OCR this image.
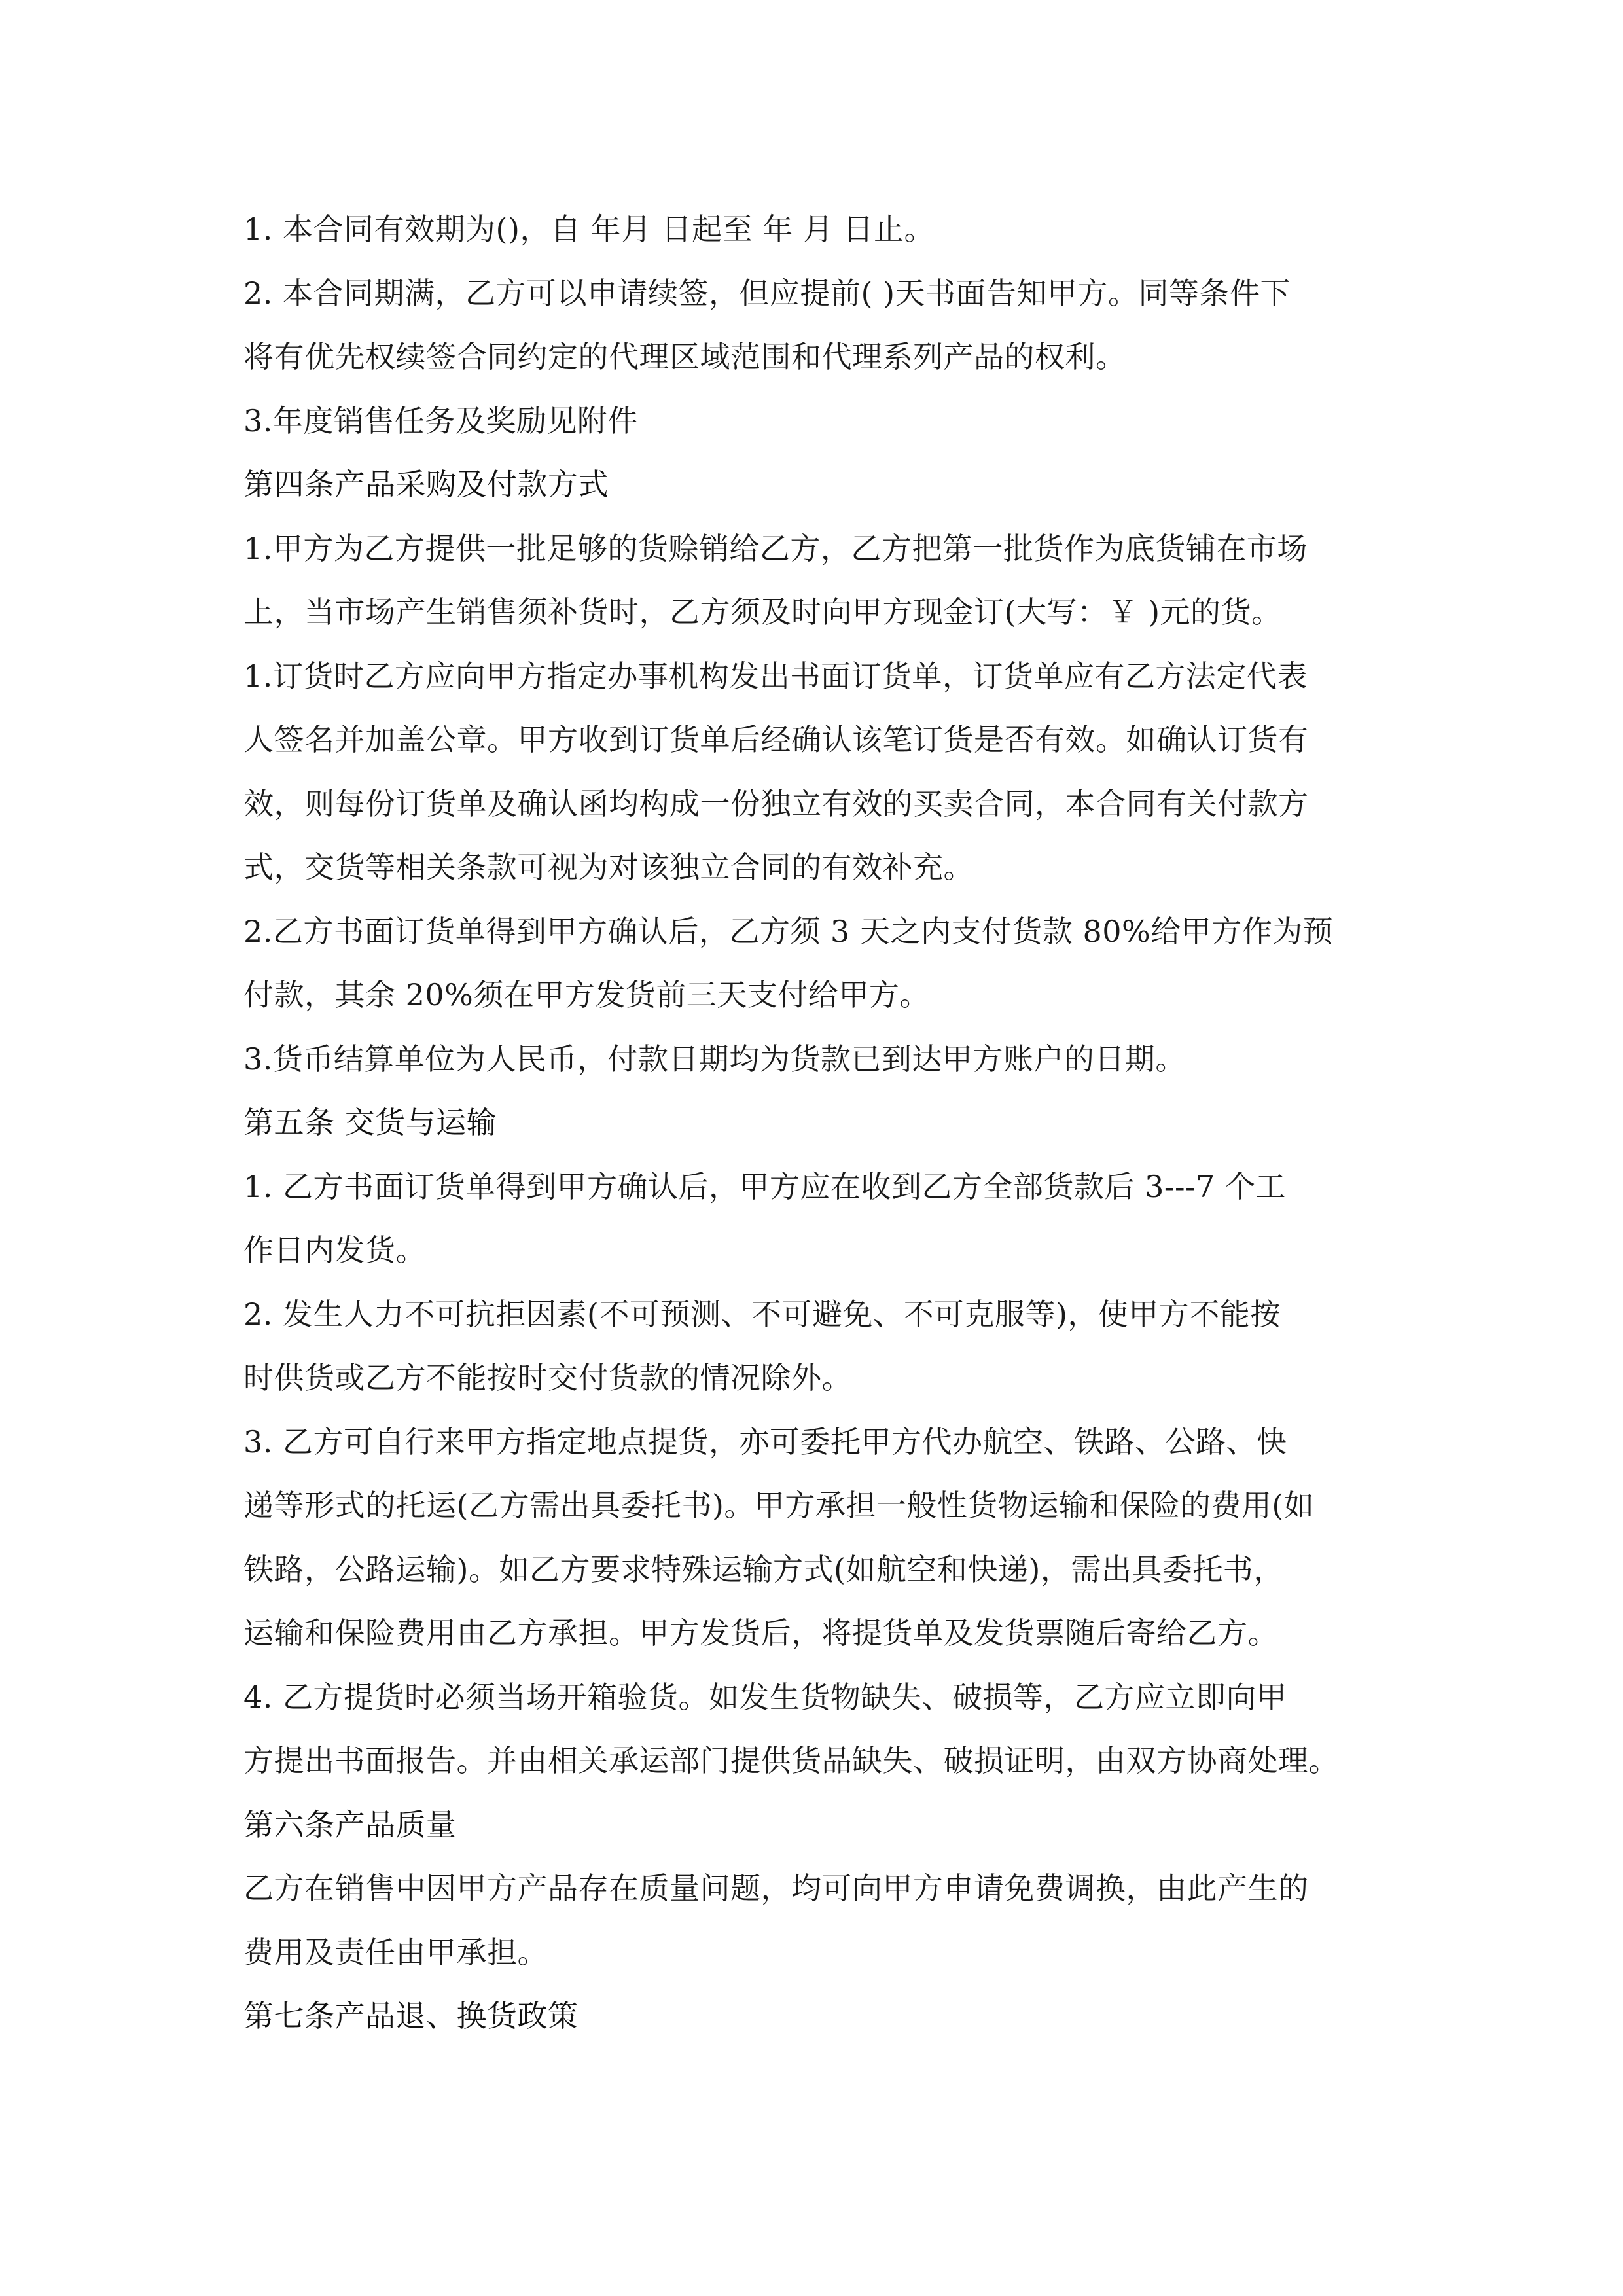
1. 本合同有效期为()，自 年月 日起至 年 月 日止。

2. 本合同期满，乙方可以申请续签，但应提前( )天书面告知甲方。同等条件下

将有优先权续签合同约定的代理区域范围和代理系列产品的权利。

3.年度销售任务及奖励见附件

第四条产品采购及付款方式

1.甲方为乙方提供一批足够的货赊销给乙方，乙方把第一批货作为底货铺在市场

上，当市场产生销售须补货时，乙方须及时向甲方现金订(大写：￥ )元的货。

1.订货时乙方应向甲方指定办事机构发出书面订货单，订货单应有乙方法定代表

人签名并加盖公章。甲方收到订货单后经确认该笔订货是否有效。如确认订货有

效，则每份订货单及确认函均构成一份独立有效的买卖合同，本合同有关付款方

式，交货等相关条款可视为对该独立合同的有效补充。

2.乙方书面订货单得到甲方确认后，乙方须 3 天之内支付货款 80%给甲方作为预

付款，其余 20%须在甲方发货前三天支付给甲方。

3.货币结算单位为人民币，付款日期均为货款已到达甲方账户的日期。

第五条 交货与运输

1. 乙方书面订货单得到甲方确认后，甲方应在收到乙方全部货款后 3---7 个工

作日内发货。

2. 发生人力不可抗拒因素(不可预测、不可避免、不可克服等)，使甲方不能按

时供货或乙方不能按时交付货款的情况除外。

3. 乙方可自行来甲方指定地点提货，亦可委托甲方代办航空、铁路、公路、快

递等形式的托运(乙方需出具委托书)。甲方承担一般性货物运输和保险的费用(如

铁路，公路运输)。如乙方要求特殊运输方式(如航空和快递)，需出具委托书，

运输和保险费用由乙方承担。甲方发货后，将提货单及发货票随后寄给乙方。

4. 乙方提货时必须当场开箱验货。如发生货物缺失、破损等，乙方应立即向甲

方提出书面报告。并由相关承运部门提供货品缺失、破损证明，由双方协商处理。

第六条产品质量

乙方在销售中因甲方产品存在质量问题，均可向甲方申请免费调换，由此产生的

费用及责任由甲承担。

第七条产品退、换货政策
